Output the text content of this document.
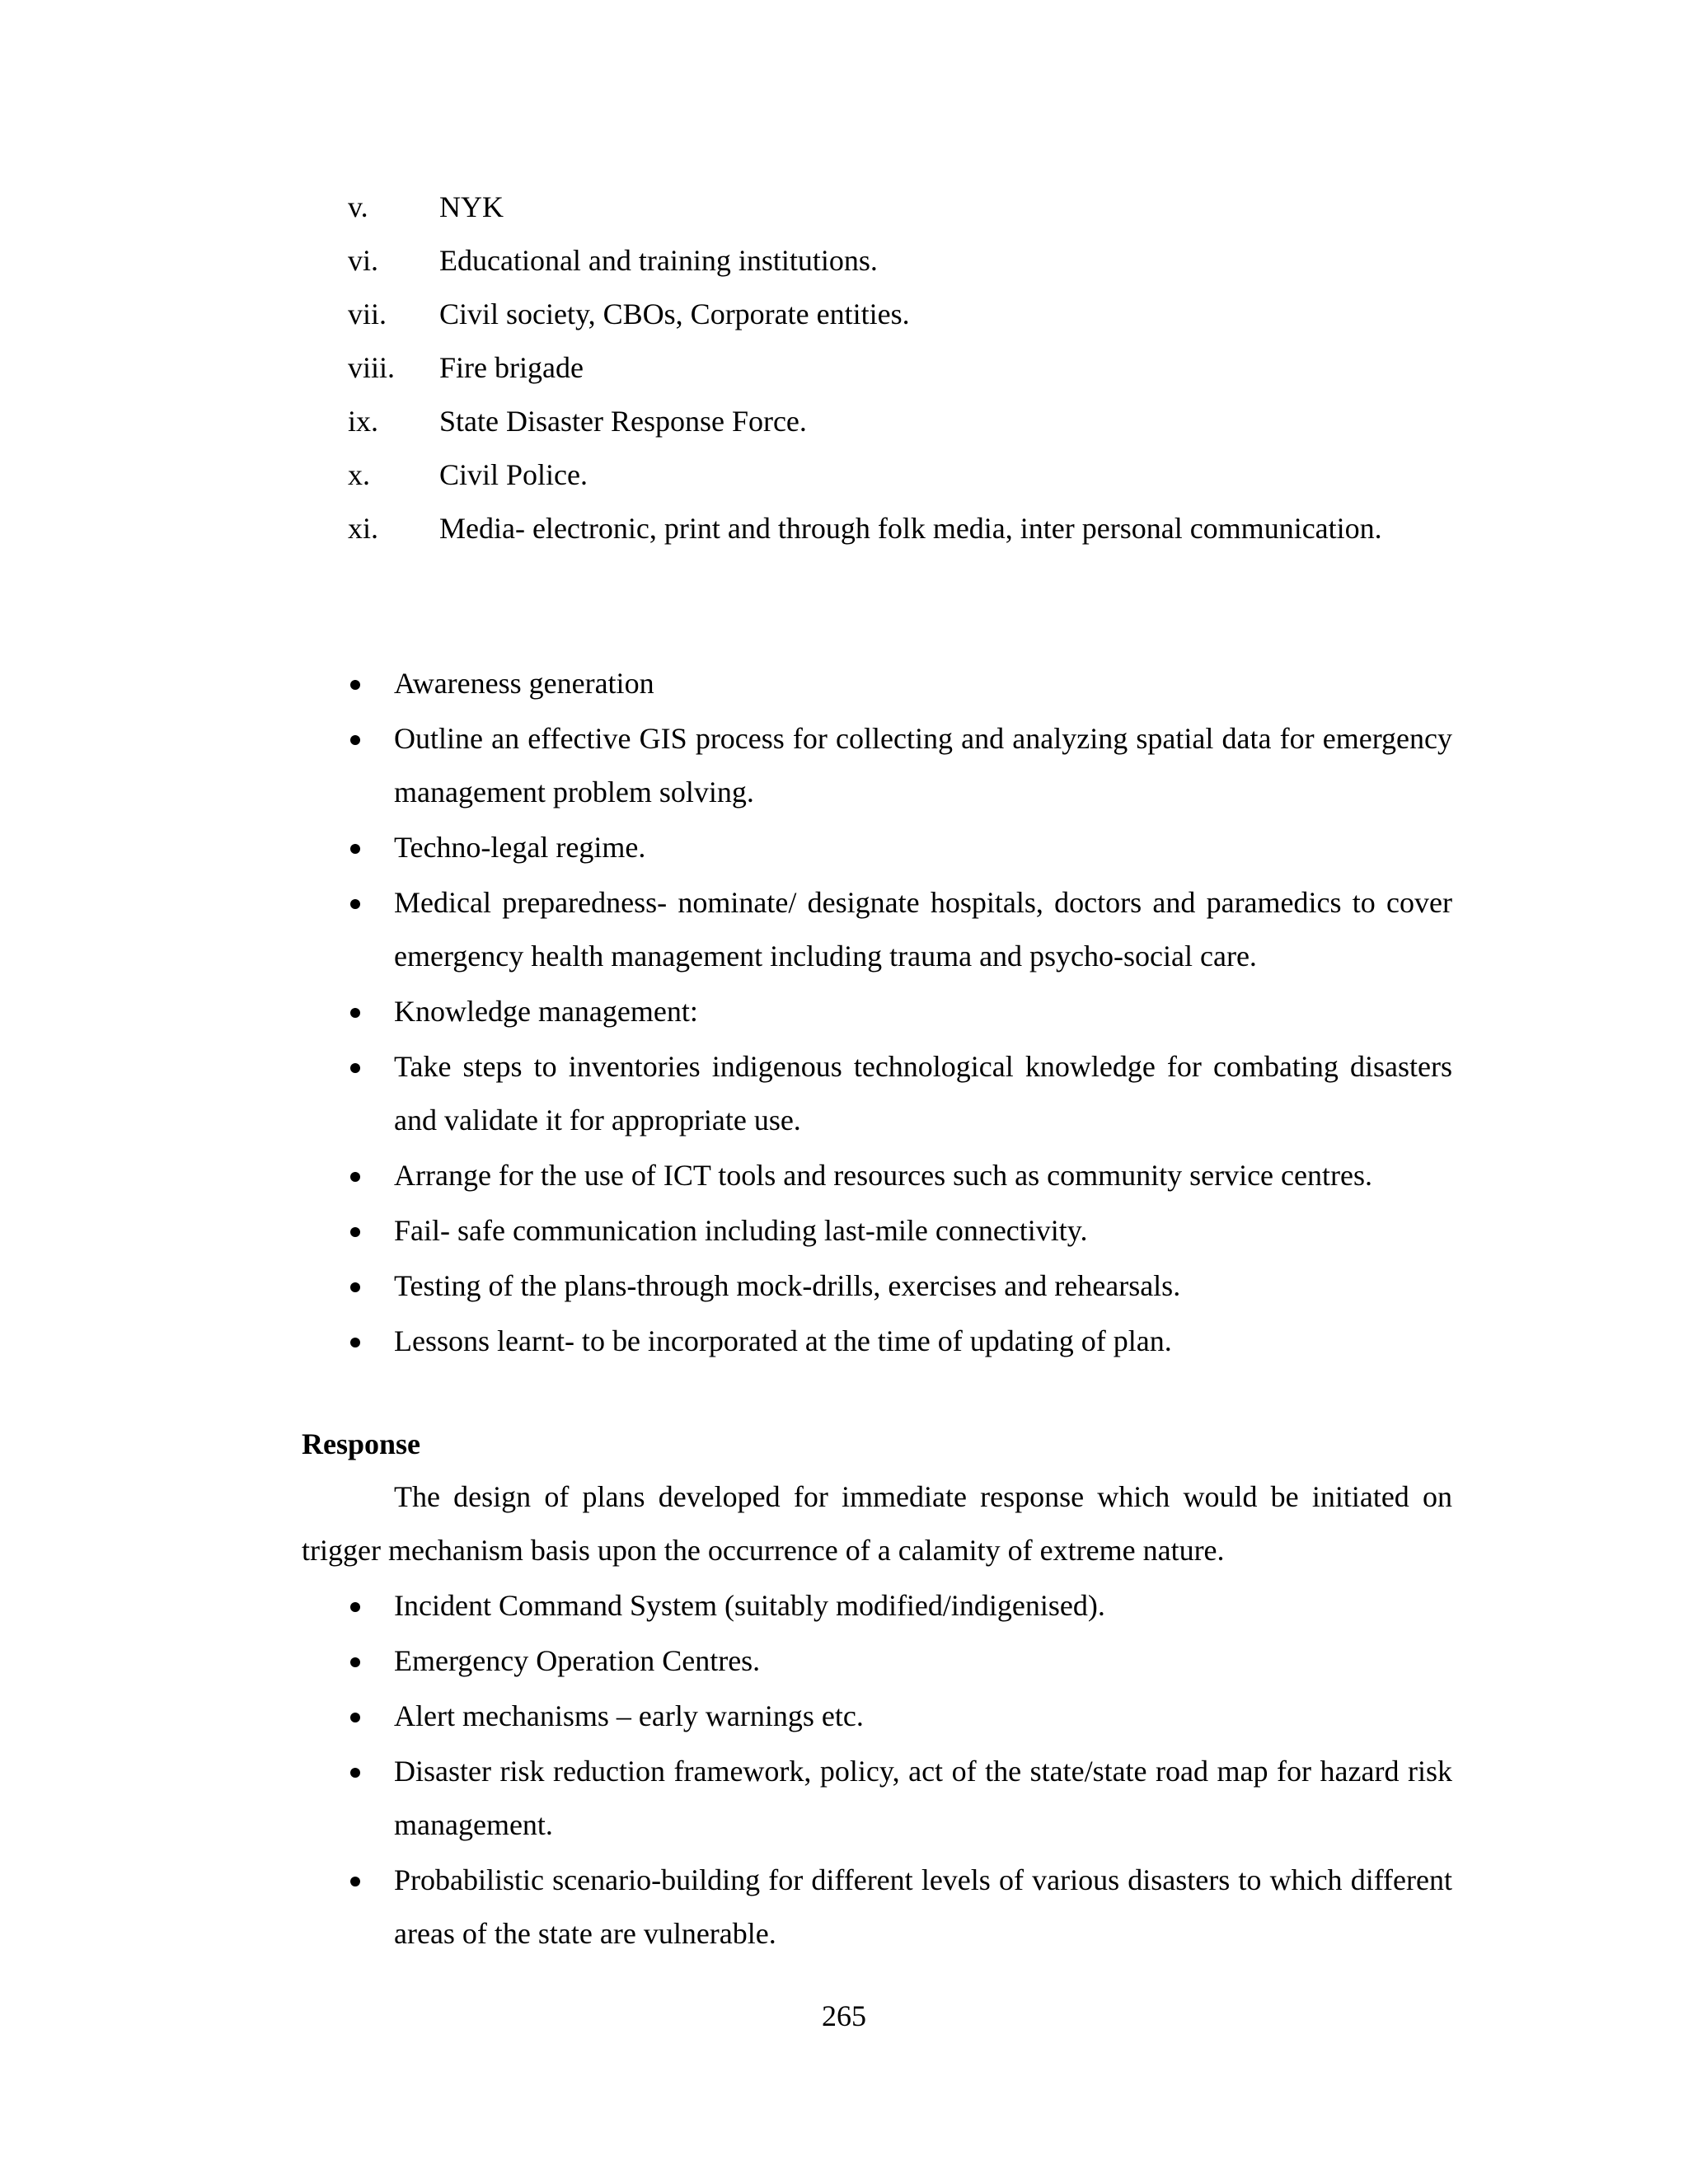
v.	NYK
vi.	Educational and training institutions.
vii.	Civil society, CBOs, Corporate entities.
viii.	Fire brigade
ix.	State Disaster Response Force.
x.	Civil Police.
xi.	Media- electronic, print and through folk media, inter personal communication.
Awareness generation
Outline an effective GIS process for collecting and analyzing spatial data for emergency management problem solving.
Techno-legal regime.
Medical preparedness- nominate/ designate hospitals, doctors and paramedics to cover emergency health management including trauma and psycho-social care.
Knowledge management:
Take steps to inventories indigenous technological knowledge for combating disasters and validate it for appropriate use.
Arrange for the use of ICT tools and resources such as community service centres.
Fail- safe communication including last-mile connectivity.
Testing of the plans-through mock-drills, exercises and rehearsals.
Lessons learnt- to be incorporated at the time of updating of plan.
Response

The design of plans developed for immediate response which would be initiated on trigger mechanism basis upon the occurrence of a calamity of extreme nature.

Incident Command System (suitably modified/indigenised).
Emergency Operation Centres.
Alert mechanisms – early warnings etc.
Disaster risk reduction framework, policy, act of the state/state road map for hazard risk management.
Probabilistic scenario-building for different levels of various disasters to which different areas of the state are vulnerable.
265
